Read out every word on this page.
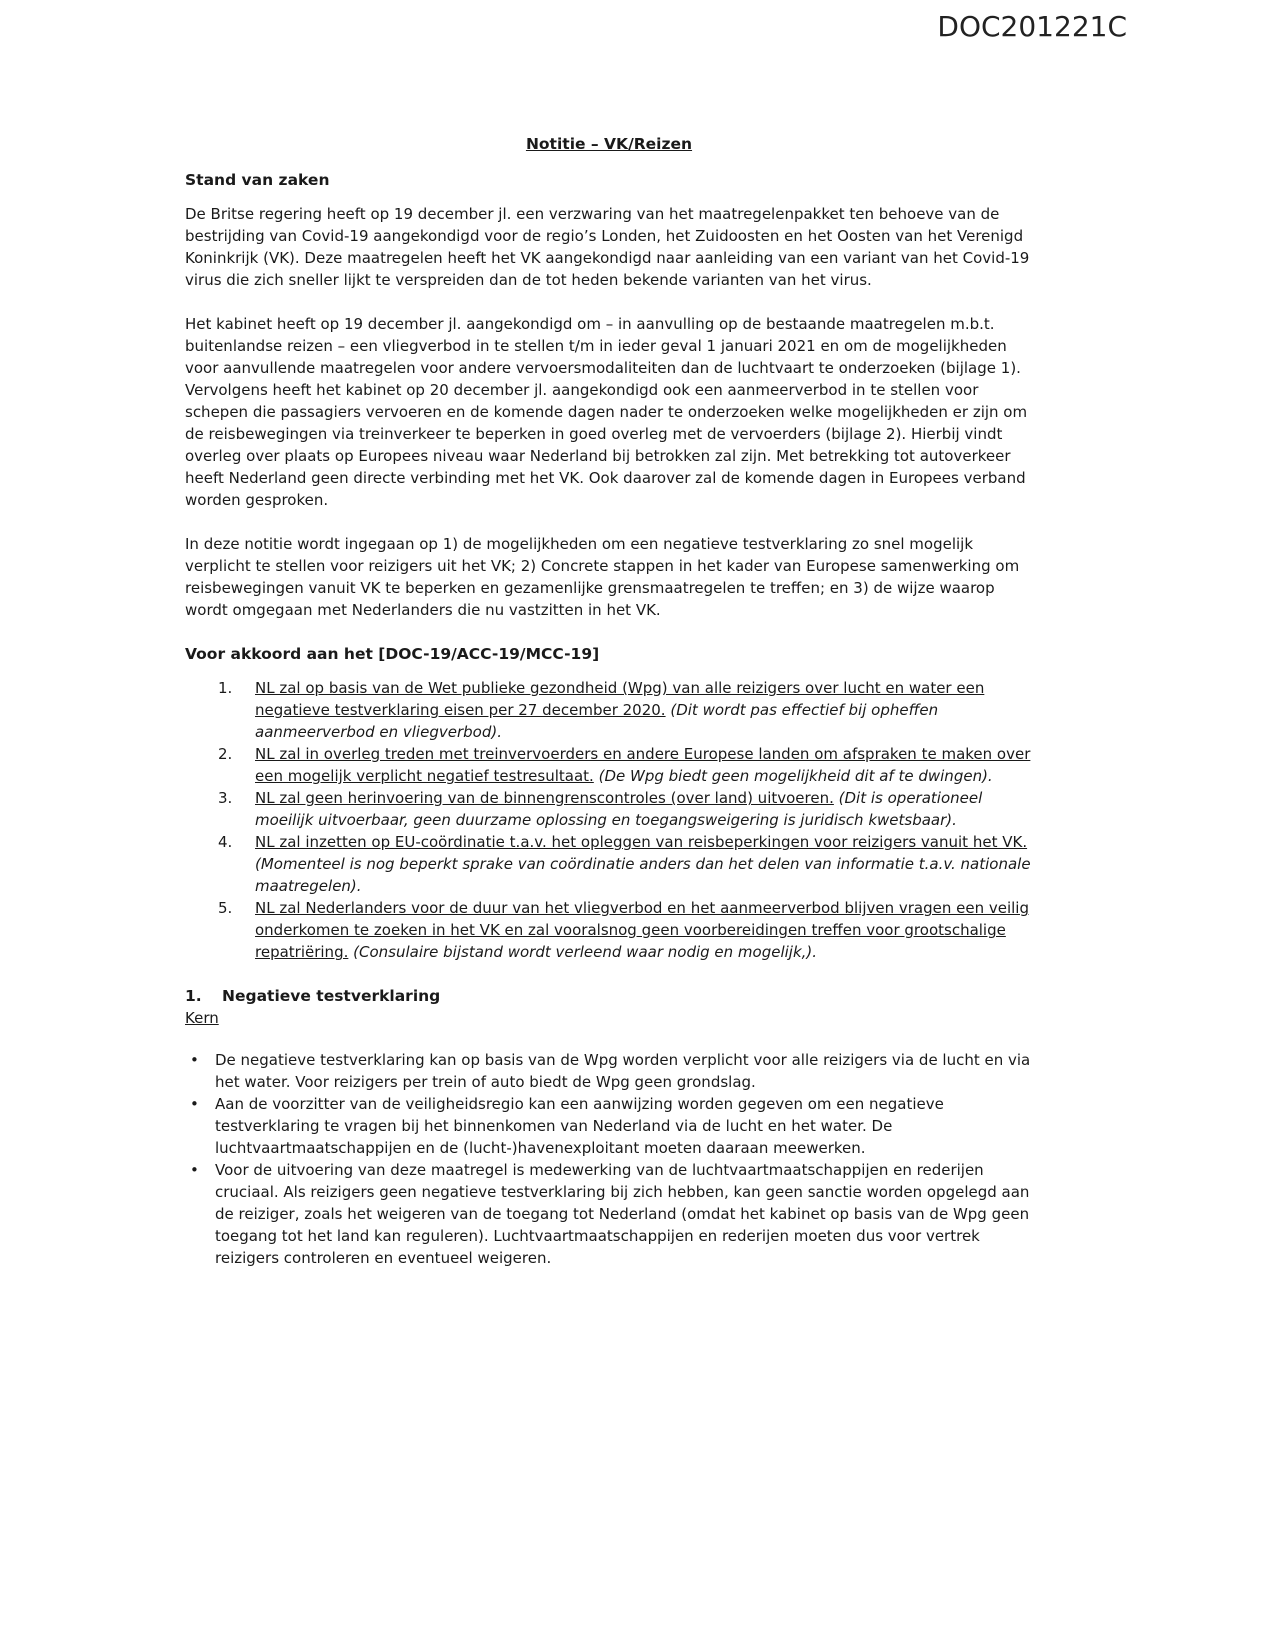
DOC201221C
Notitie – VK/Reizen
Stand van zaken

De Britse regering heeft op 19 december jl. een verzwaring van het maatregelenpakket ten behoeve van de bestrijding van Covid-19 aangekondigd voor de regio’s Londen, het Zuidoosten en het Oosten van het Verenigd Koninkrijk (VK). Deze maatregelen heeft het VK aangekondigd naar aanleiding van een variant van het Covid-19 virus die zich sneller lijkt te verspreiden dan de tot heden bekende varianten van het virus.

Het kabinet heeft op 19 december jl. aangekondigd om – in aanvulling op de bestaande maatregelen m.b.t. buitenlandse reizen – een vliegverbod in te stellen t/m in ieder geval 1 januari 2021 en om de mogelijkheden voor aanvullende maatregelen voor andere vervoersmodaliteiten dan de luchtvaart te onderzoeken (bijlage 1). Vervolgens heeft het kabinet op 20 december jl. aangekondigd ook een aanmeerverbod in te stellen voor schepen die passagiers vervoeren en de komende dagen nader te onderzoeken welke mogelijkheden er zijn om de reisbewegingen via treinverkeer te beperken in goed overleg met de vervoerders (bijlage 2). Hierbij vindt overleg over plaats op Europees niveau waar Nederland bij betrokken zal zijn. Met betrekking tot autoverkeer heeft Nederland geen directe verbinding met het VK. Ook daarover zal de komende dagen in Europees verband worden gesproken.

In deze notitie wordt ingegaan op 1) de mogelijkheden om een negatieve testverklaring zo snel mogelijk verplicht te stellen voor reizigers uit het VK; 2) Concrete stappen in het kader van Europese samenwerking om reisbewegingen vanuit VK te beperken en gezamenlijke grensmaatregelen te treffen; en 3) de wijze waarop wordt omgegaan met Nederlanders die nu vastzitten in het VK.

Voor akkoord aan het [DOC-19/ACC-19/MCC-19]
1.	NL zal op basis van de Wet publieke gezondheid (Wpg) van alle reizigers over lucht en water een negatieve testverklaring eisen per 27 december 2020. (Dit wordt pas effectief bij opheffen aanmeerverbod en vliegverbod).
2.	NL zal in overleg treden met treinvervoerders en andere Europese landen om afspraken te maken over een mogelijk verplicht negatief testresultaat. (De Wpg biedt geen mogelijkheid dit af te dwingen).
3.	NL zal geen herinvoering van de binnengrenscontroles (over land) uitvoeren. (Dit is operationeel moeilijk uitvoerbaar, geen duurzame oplossing en toegangsweigering is juridisch kwetsbaar).
4.	NL zal inzetten op EU-coördinatie t.a.v. het opleggen van reisbeperkingen voor reizigers vanuit het VK. (Momenteel is nog beperkt sprake van coördinatie anders dan het delen van informatie t.a.v. nationale maatregelen).
5.	NL zal Nederlanders voor de duur van het vliegverbod en het aanmeerverbod blijven vragen een veilig onderkomen te zoeken in het VK en zal vooralsnog geen voorbereidingen treffen voor grootschalige repatriëring. (Consulaire bijstand wordt verleend waar nodig en mogelijk,).
1.	Negatieve testverklaring
Kern
•	De negatieve testverklaring kan op basis van de Wpg worden verplicht voor alle reizigers via de lucht en via het water. Voor reizigers per trein of auto biedt de Wpg geen grondslag.
•	Aan de voorzitter van de veiligheidsregio kan een aanwijzing worden gegeven om een negatieve testverklaring te vragen bij het binnenkomen van Nederland via de lucht en het water. De luchtvaartmaatschappijen en de (lucht-)havenexploitant moeten daaraan meewerken.
•	Voor de uitvoering van deze maatregel is medewerking van de luchtvaartmaatschappijen en rederijen cruciaal. Als reizigers geen negatieve testverklaring bij zich hebben, kan geen sanctie worden opgelegd aan de reiziger, zoals het weigeren van de toegang tot Nederland (omdat het kabinet op basis van de Wpg geen toegang tot het land kan reguleren). Luchtvaartmaatschappijen en rederijen moeten dus voor vertrek reizigers controleren en eventueel weigeren.
